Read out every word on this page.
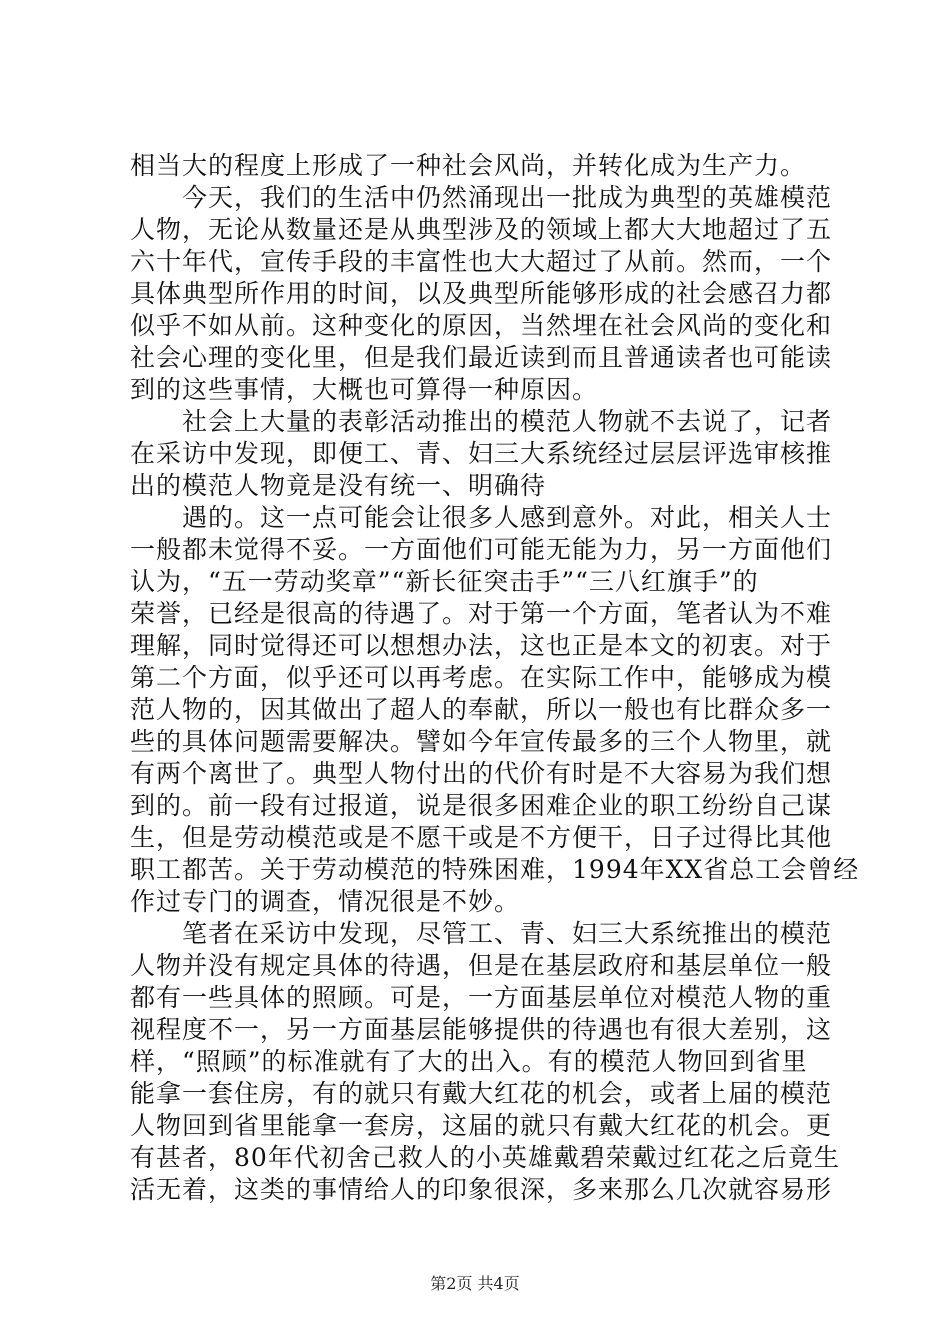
相当大的程度上形成了一种社会风尚，并转化成为生产力。
今天，我们的生活中仍然涌现出一批成为典型的英雄模范
人物，无论从数量还是从典型涉及的领域上都大大地超过了五
六十年代，宣传手段的丰富性也大大超过了从前。然而，一个
具体典型所作用的时间，以及典型所能够形成的社会感召力都
似乎不如从前。这种变化的原因，当然埋在社会风尚的变化和
社会心理的变化里，但是我们最近读到而且普通读者也可能读
到的这些事情，大概也可算得一种原因。
社会上大量的表彰活动推出的模范人物就不去说了，记者
在采访中发现，即便工、青、妇三大系统经过层层评选审核推
出的模范人物竟是没有统一、明确待
遇的。这一点可能会让很多人感到意外。对此，相关人士
一般都未觉得不妥。一方面他们可能无能为力，另一方面他们
认为，“五一劳动奖章”“新长征突击手”“三八红旗手”的
荣誉，已经是很高的待遇了。对于第一个方面，笔者认为不难
理解，同时觉得还可以想想办法，这也正是本文的初衷。对于
第二个方面，似乎还可以再考虑。在实际工作中，能够成为模
范人物的，因其做出了超人的奉献，所以一般也有比群众多一
些的具体问题需要解决。譬如今年宣传最多的三个人物里，就
有两个离世了。典型人物付出的代价有时是不大容易为我们想
到的。前一段有过报道，说是很多困难企业的职工纷纷自己谋
生，但是劳动模范或是不愿干或是不方便干，日子过得比其他
职工都苦。关于劳动模范的特殊困难，1994年XX省总工会曾经
作过专门的调查，情况很是不妙。
笔者在采访中发现，尽管工、青、妇三大系统推出的模范
人物并没有规定具体的待遇，但是在基层政府和基层单位一般
都有一些具体的照顾。可是，一方面基层单位对模范人物的重
视程度不一，另一方面基层能够提供的待遇也有很大差别，这
样，“照顾”的标准就有了大的出入。有的模范人物回到省里
能拿一套住房，有的就只有戴大红花的机会，或者上届的模范
人物回到省里能拿一套房，这届的就只有戴大红花的机会。更
有甚者，80年代初舍己救人的小英雄戴碧荣戴过红花之后竟生
活无着，这类的事情给人的印象很深，多来那么几次就容易形
第2页 共4页
